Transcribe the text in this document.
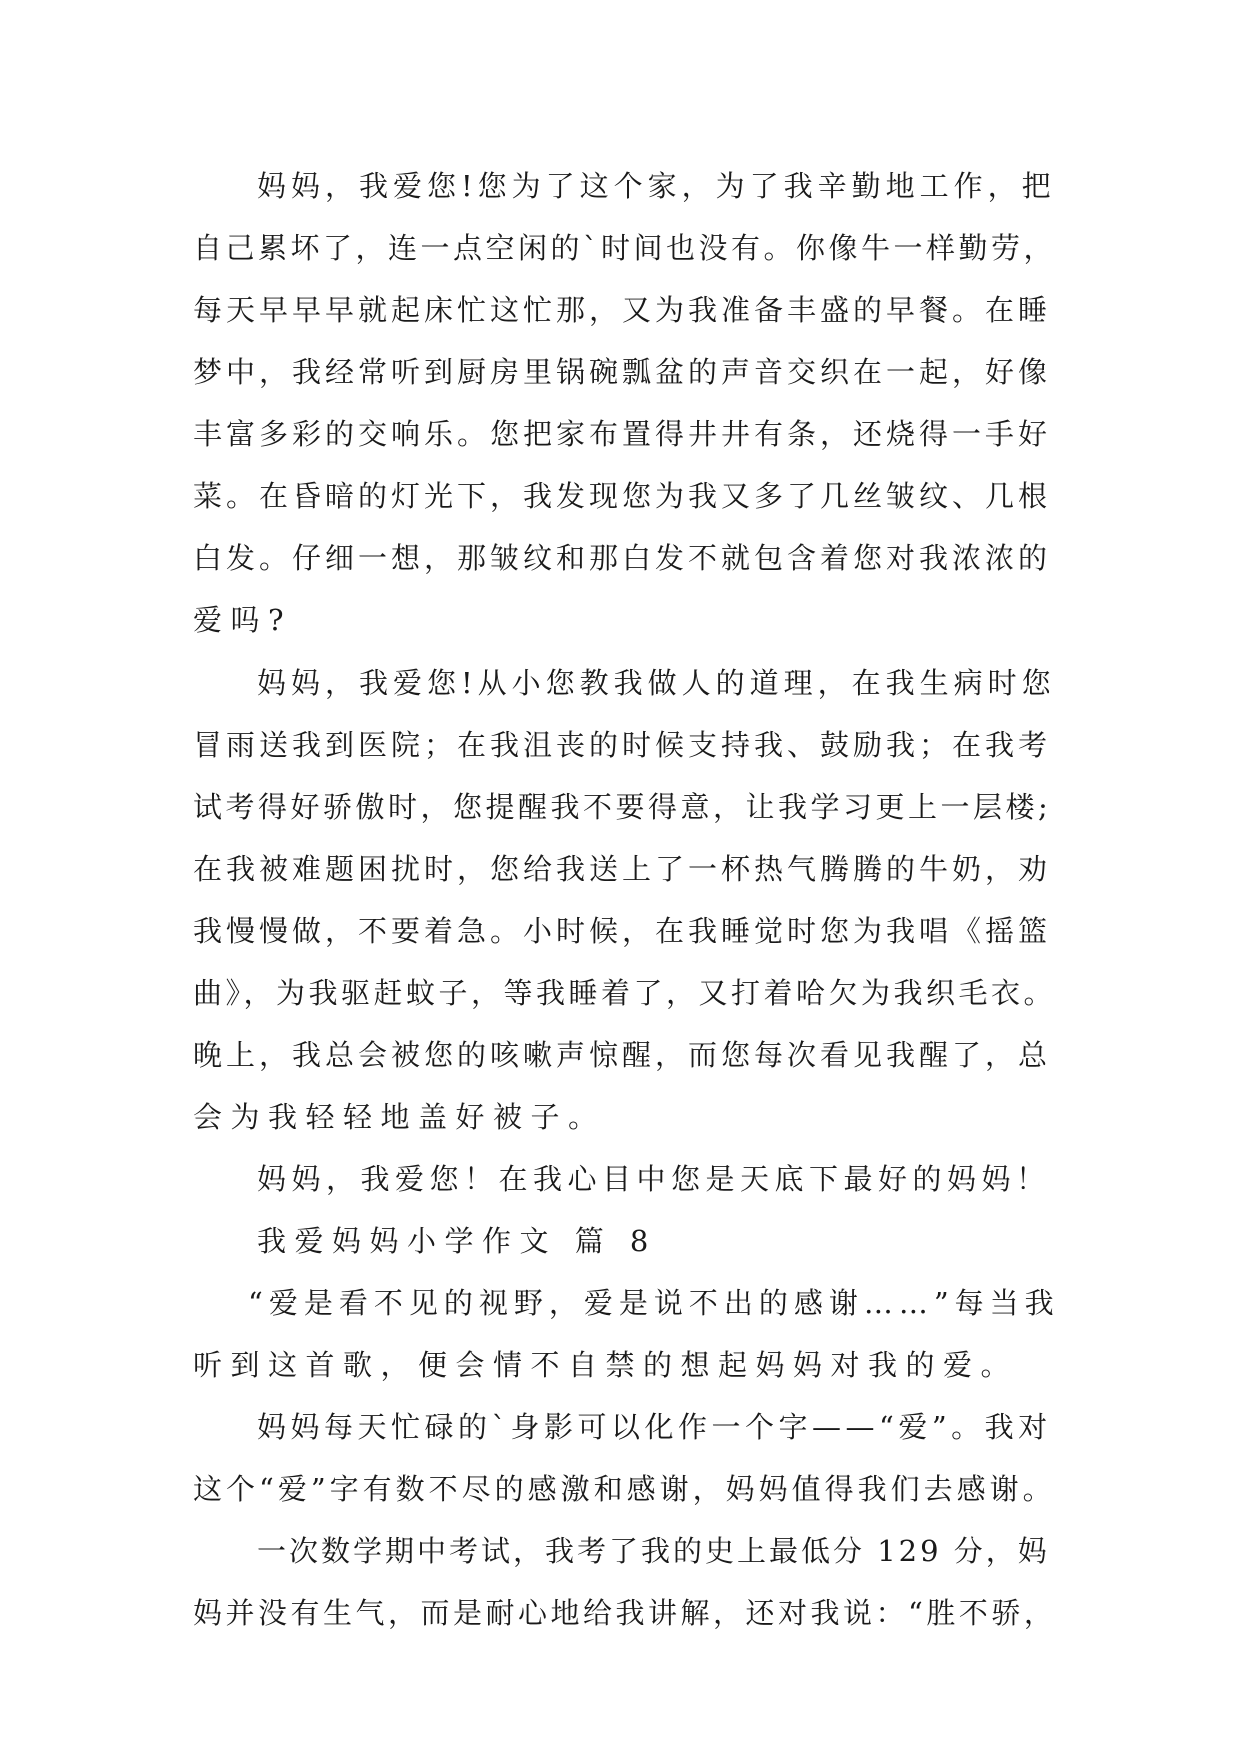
妈妈，我爱您!您为了这个家，为了我辛勤地工作，把
自己累坏了，连一点空闲的`时间也没有。你像牛一样勤劳，
每天早早早就起床忙这忙那，又为我准备丰盛的早餐。在睡
梦中，我经常听到厨房里锅碗瓢盆的声音交织在一起，好像
丰富多彩的交响乐。您把家布置得井井有条，还烧得一手好
菜。在昏暗的灯光下，我发现您为我又多了几丝皱纹、几根
白发。仔细一想，那皱纹和那白发不就包含着您对我浓浓的
爱吗?
妈妈，我爱您!从小您教我做人的道理，在我生病时您
冒雨送我到医院；在我沮丧的时候支持我、鼓励我；在我考
试考得好骄傲时，您提醒我不要得意，让我学习更上一层楼;
在我被难题困扰时，您给我送上了一杯热气腾腾的牛奶，劝
我慢慢做，不要着急。小时候，在我睡觉时您为我唱《摇篮
曲》，为我驱赶蚊子，等我睡着了，又打着哈欠为我织毛衣。
晚上，我总会被您的咳嗽声惊醒，而您每次看见我醒了，总
会为我轻轻地盖好被子。
妈妈，我爱您！在我心目中您是天底下最好的妈妈！
我爱妈妈小学作文 篇 8
“爱是看不见的视野，爱是说不出的感谢……”每当我
听到这首歌，便会情不自禁的想起妈妈对我的爱。
妈妈每天忙碌的`身影可以化作一个字——“爱”。我对
这个“爱”字有数不尽的感激和感谢，妈妈值得我们去感谢。
一次数学期中考试，我考了我的史上最低分 129 分，妈
妈并没有生气，而是耐心地给我讲解，还对我说：“胜不骄，
